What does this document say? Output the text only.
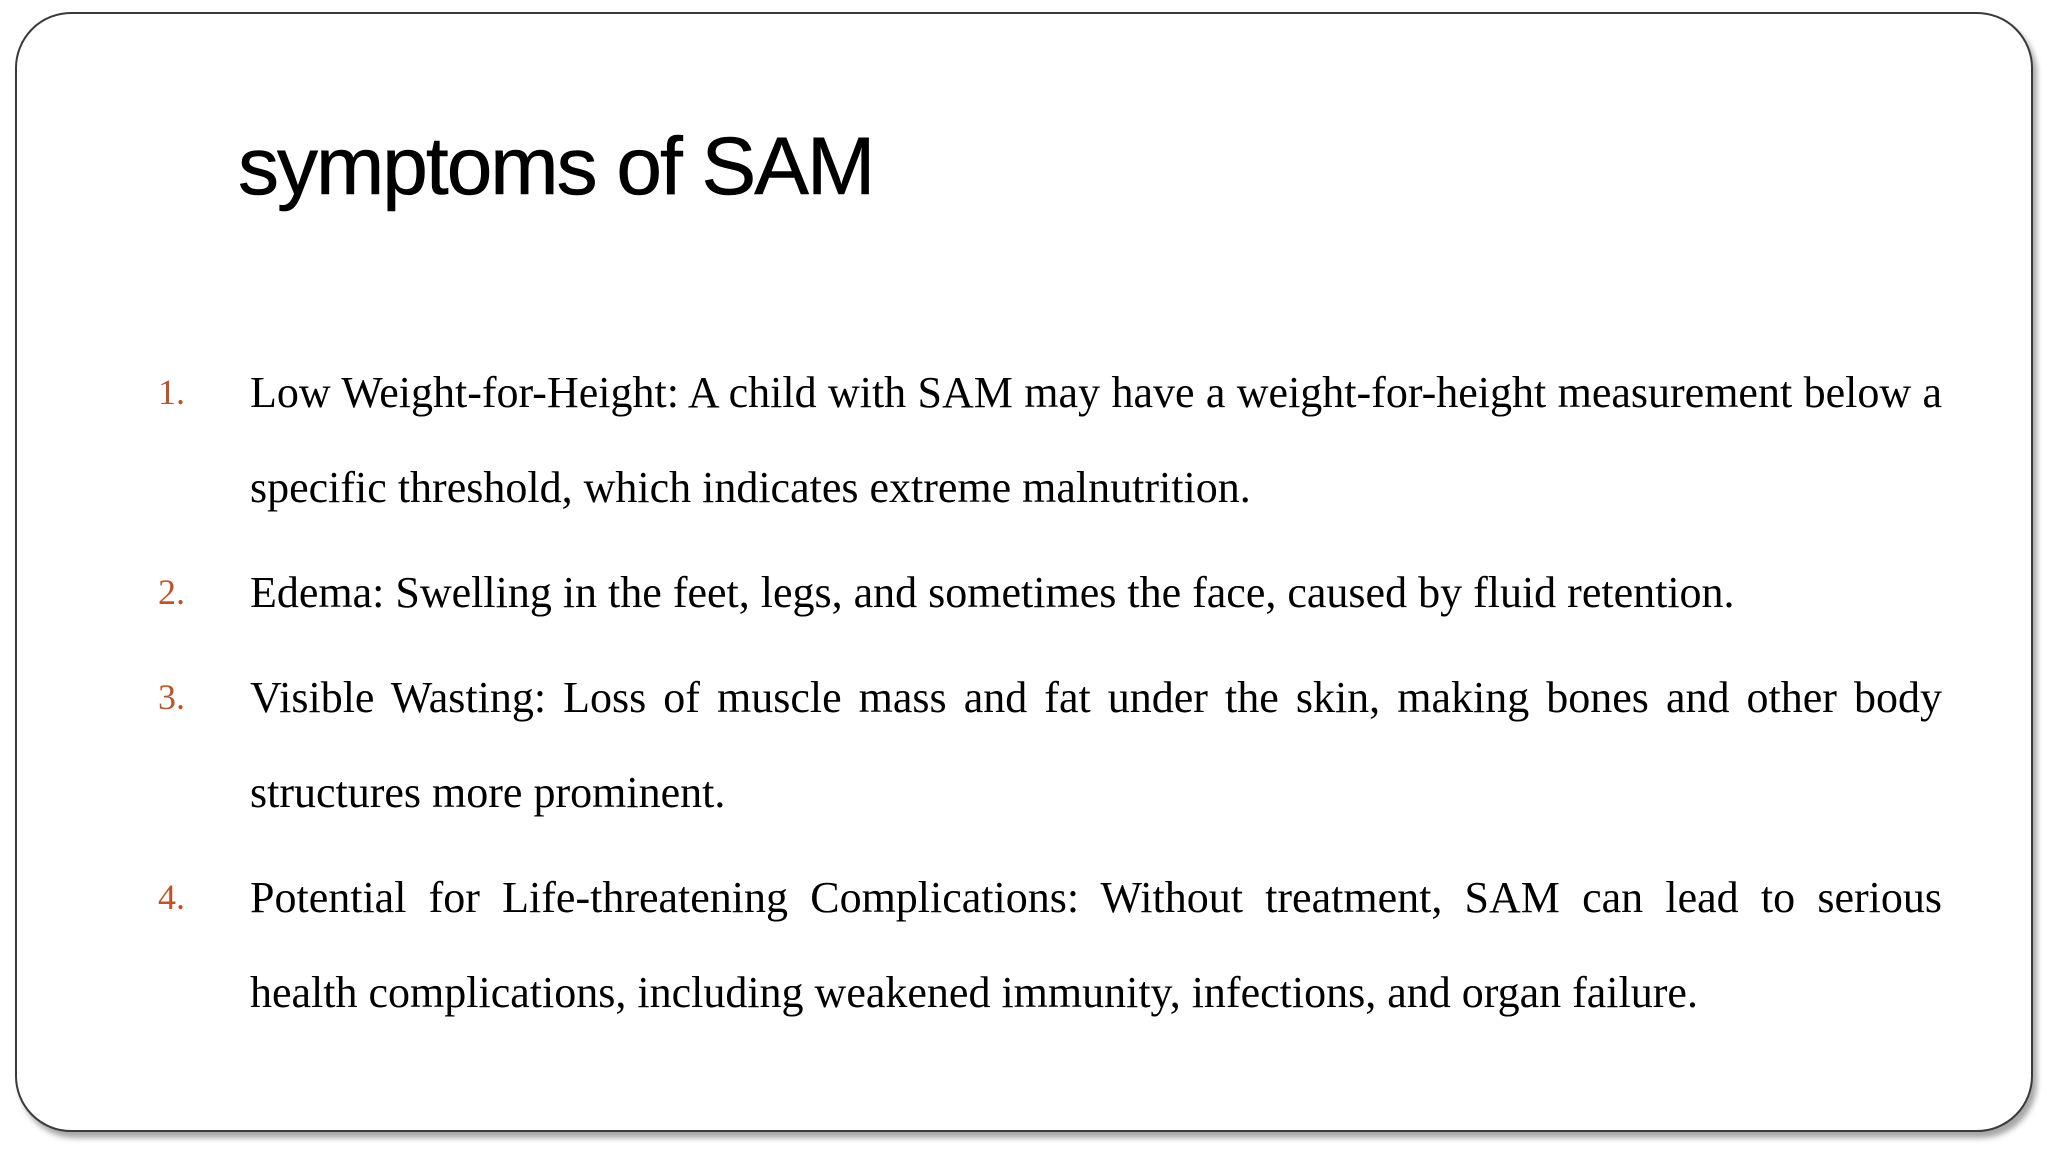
symptoms of SAM
1. Low Weight-for-Height: A child with SAM may have a weight-for-height measurement below a specific threshold, which indicates extreme malnutrition.
2. Edema: Swelling in the feet, legs, and sometimes the face, caused by fluid retention.
3. Visible Wasting: Loss of muscle mass and fat under the skin, making bones and other body structures more prominent.
4. Potential for Life-threatening Complications: Without treatment, SAM can lead to serious health complications, including weakened immunity, infections, and organ failure.
